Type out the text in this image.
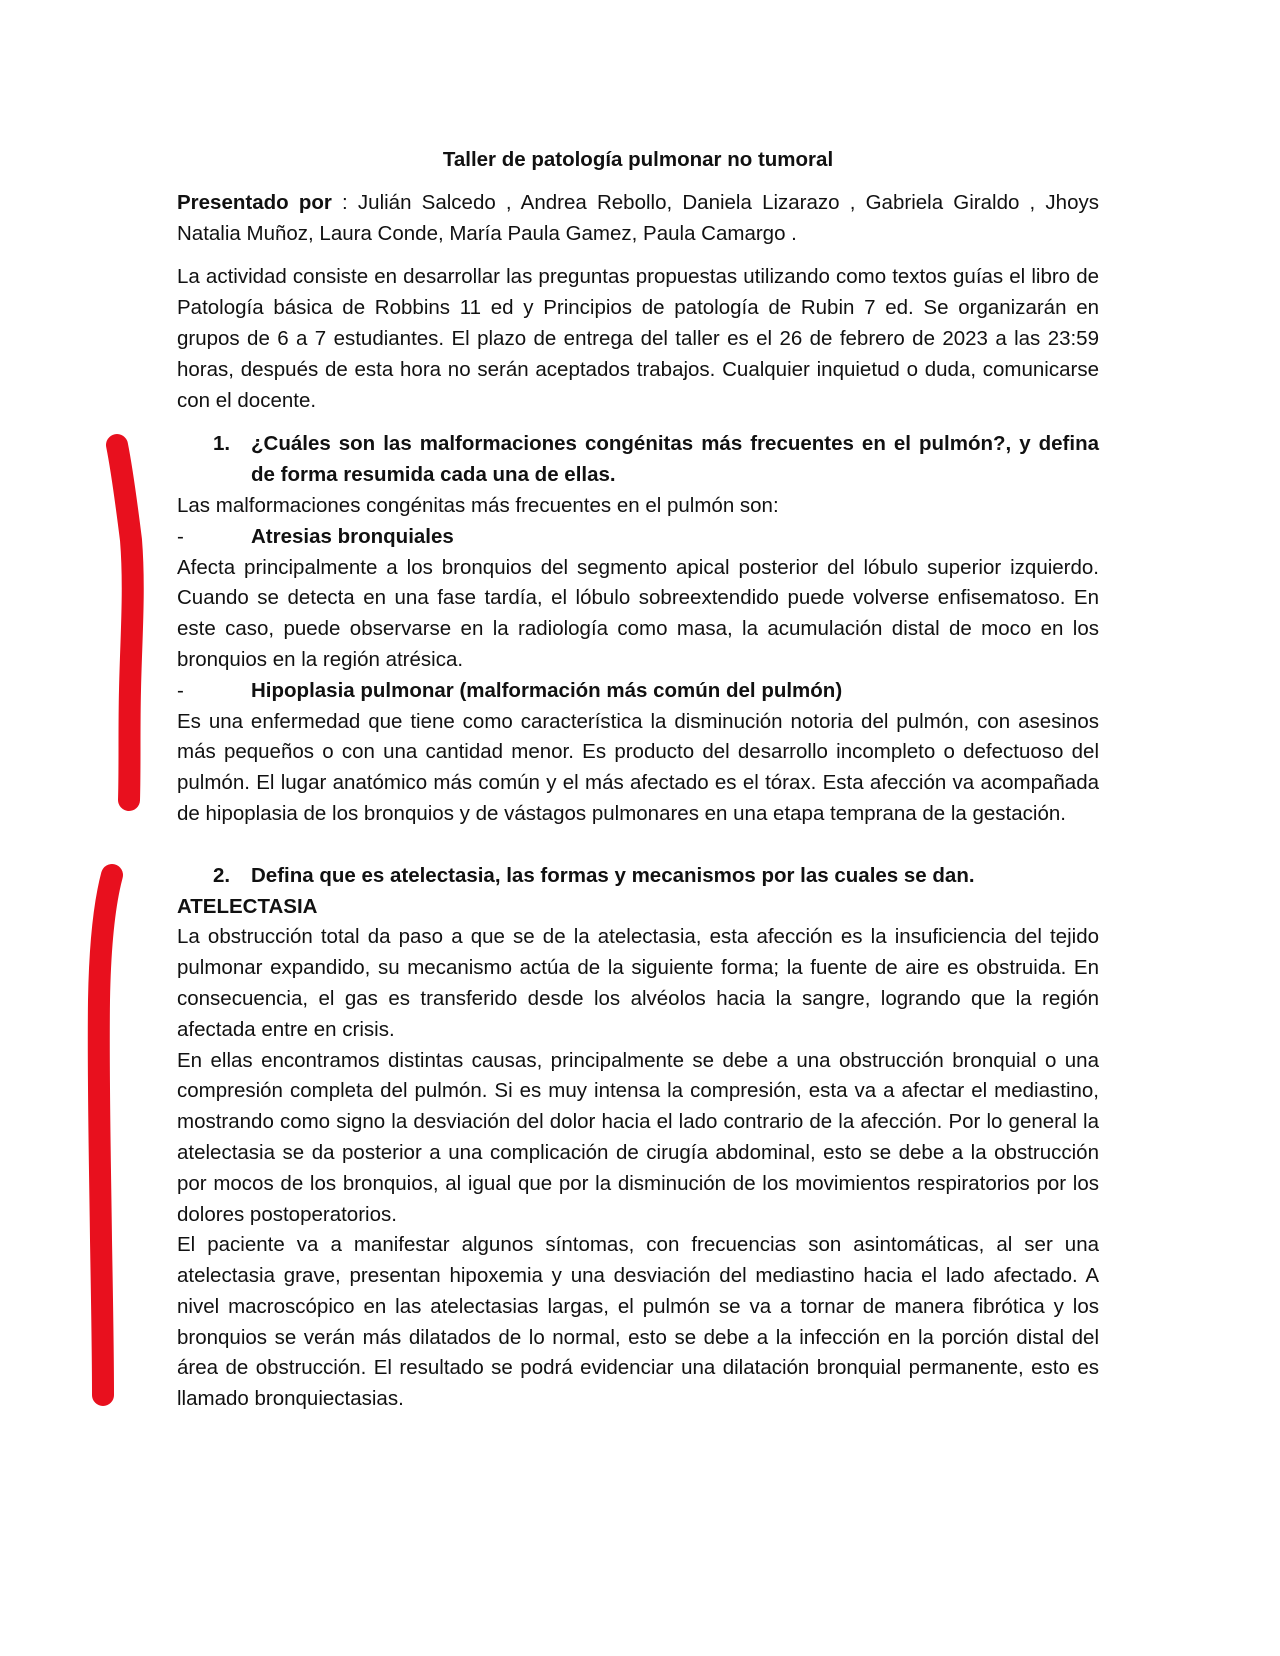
Taller de patología pulmonar no tumoral

Presentado por : Julián Salcedo , Andrea Rebollo, Daniela Lizarazo , Gabriela Giraldo , Jhoys Natalia Muñoz, Laura Conde, María Paula Gamez, Paula Camargo .

La actividad consiste en desarrollar las preguntas propuestas utilizando como textos guías el libro de Patología básica de Robbins 11 ed y Principios de patología de Rubin 7 ed. Se organizarán en grupos de 6 a 7 estudiantes. El plazo de entrega del taller es el 26 de febrero de 2023 a las 23:59 horas, después de esta hora no serán aceptados trabajos. Cualquier inquietud o duda, comunicarse con el docente.

1.	¿Cuáles son las malformaciones congénitas más frecuentes en el pulmón?, y defina de forma resumida cada una de ellas.

Las malformaciones congénitas más frecuentes en el pulmón son:

-	Atresias bronquiales

Afecta principalmente a los bronquios del segmento apical posterior del lóbulo superior izquierdo. Cuando se detecta en una fase tardía, el lóbulo sobreextendido puede volverse enfisematoso. En este caso, puede observarse en la radiología como masa, la acumulación distal de moco en los bronquios en la región atrésica.

-	Hipoplasia pulmonar (malformación más común del pulmón)

Es una enfermedad que tiene como característica la disminución notoria del pulmón, con asesinos más pequeños o con una cantidad menor. Es producto del desarrollo incompleto o defectuoso del pulmón. El lugar anatómico más común y el más afectado es el tórax. Esta afección va acompañada de hipoplasia de los bronquios y de vástagos pulmonares en una etapa temprana de la gestación.

2.	Defina que es atelectasia, las formas y mecanismos por las cuales se dan.

ATELECTASIA

La obstrucción total da paso a que se de la atelectasia, esta afección es la insuficiencia del tejido pulmonar expandido, su mecanismo actúa de la siguiente forma; la fuente de aire es obstruida. En consecuencia, el gas es transferido desde los alvéolos hacia la sangre, logrando que la región afectada entre en crisis.

En ellas encontramos distintas causas, principalmente se debe a una obstrucción bronquial o una compresión completa del pulmón. Si es muy intensa la compresión, esta va a afectar el mediastino, mostrando como signo la desviación del dolor hacia el lado contrario de la afección. Por lo general la atelectasia se da posterior a una complicación de cirugía abdominal, esto se debe a la obstrucción por mocos de los bronquios, al igual que por la disminución de los movimientos respiratorios por los dolores postoperatorios.

El paciente va a manifestar algunos síntomas, con frecuencias son asintomáticas, al ser una atelectasia grave, presentan hipoxemia y una desviación del mediastino hacia el lado afectado. A nivel macroscópico en las atelectasias largas, el pulmón se va a tornar de manera fibrótica y los bronquios se verán más dilatados de lo normal, esto se debe a la infección en la porción distal del área de obstrucción. El resultado se podrá evidenciar una dilatación bronquial permanente, esto es llamado bronquiectasias.
